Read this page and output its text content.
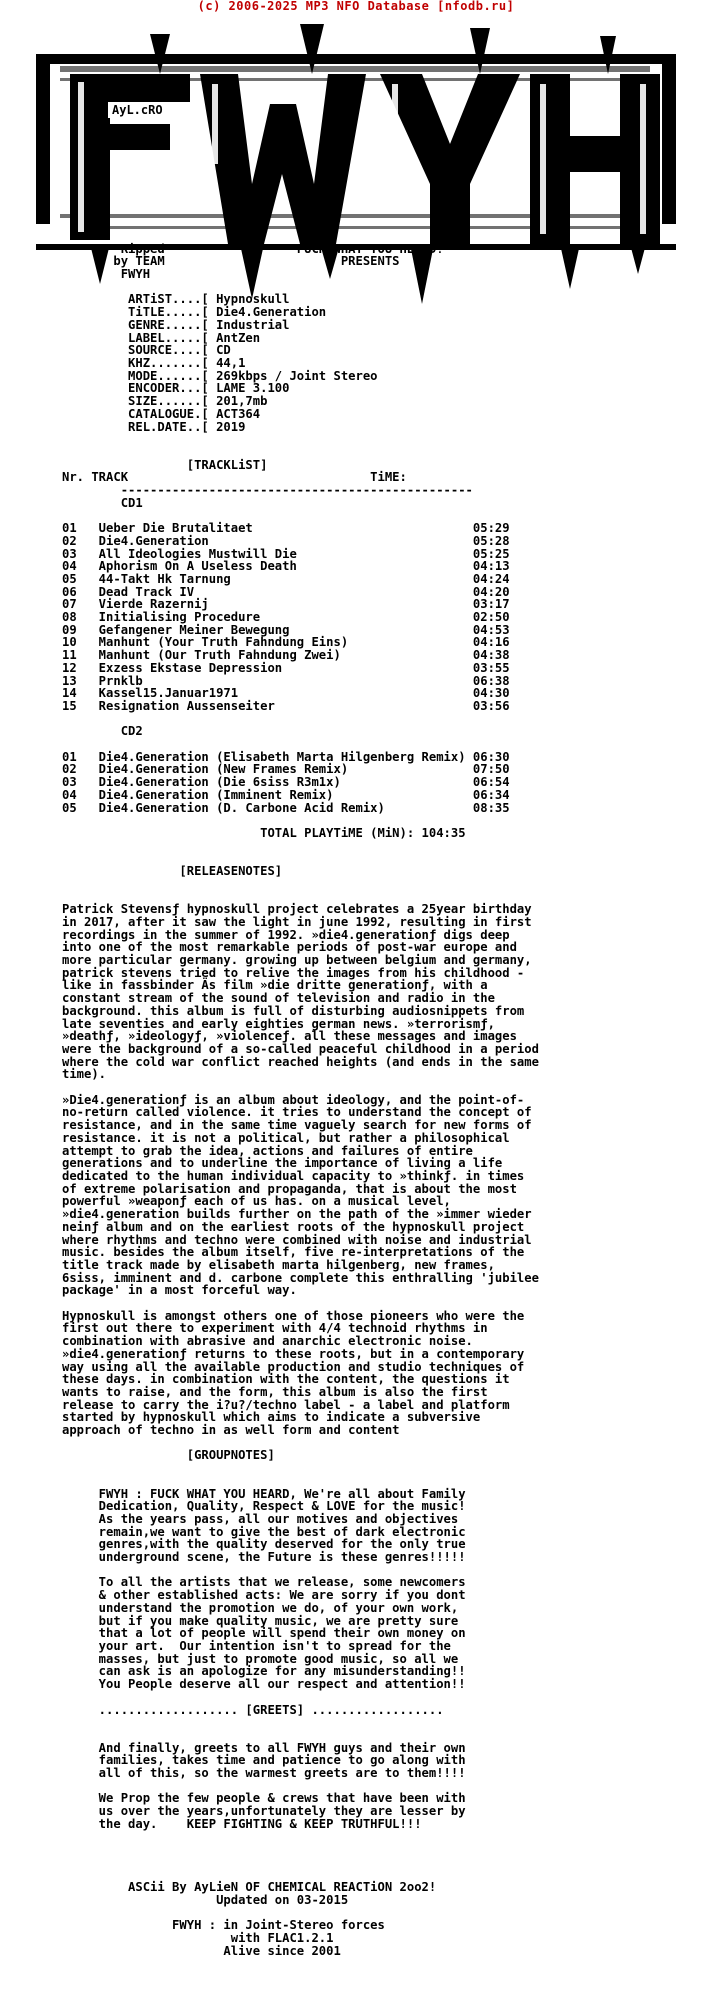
(c) 2006-2025 MP3 NFO Database [nfodb.ru]
AyL.cRO

Ripped                  FUCK WHAT YOU HEARD!
by TEAM                        PRESENTS
FWYH

ARTiST....[ Hypnoskull
TiTLE.....[ Die4.Generation
GENRE.....[ Industrial
LABEL.....[ AntZen
SOURCE....[ CD
KHZ.......[ 44,1
MODE......[ 269kbps / Joint Stereo
ENCODER...[ LAME 3.100
SIZE......[ 201,7mb
CATALOGUE.[ ACT364
REL.DATE..[ 2019

[TRACKLiST]
Nr. TRACK                                 TiME:
------------------------------------------------
CD1

01   Ueber Die Brutalitaet                              05:29
02   Die4.Generation                                    05:28
03   All Ideologies Mustwill Die                        05:25
04   Aphorism On A Useless Death                        04:13
05   44-Takt Hk Tarnung                                 04:24
06   Dead Track IV                                      04:20
07   Vierde Razernij                                    03:17
08   Initialising Procedure                             02:50
09   Gefangener Meiner Bewegung                         04:53
10   Manhunt (Your Truth Fahndung Eins)                 04:16
11   Manhunt (Our Truth Fahndung Zwei)                  04:38
12   Exzess Ekstase Depression                          03:55
13   Prnklb                                             06:38
14   Kassel15.Januar1971                                04:30
15   Resignation Aussenseiter                           03:56

CD2

01   Die4.Generation (Elisabeth Marta Hilgenberg Remix) 06:30
02   Die4.Generation (New Frames Remix)                 07:50
03   Die4.Generation (Die 6siss R3m1x)                  06:54
04   Die4.Generation (Imminent Remix)                   06:34
05   Die4.Generation (D. Carbone Acid Remix)            08:35

TOTAL PLAYTiME (MiN): 104:35

[RELEASENOTES]

Patrick Stevensƒ hypnoskull project celebrates a 25year birthday
in 2017, after it saw the light in june 1992, resulting in first
recordings in the summer of 1992. »die4.generationƒ digs deep
into one of the most remarkable periods of post-war europe and
more particular germany. growing up between belgium and germany,
patrick stevens tried to relive the images from his childhood -
like in fassbinder Äs film »die dritte generationƒ, with a
constant stream of the sound of television and radio in the
background. this album is full of disturbing audiosnippets from
late seventies and early eighties german news. »terrorismƒ,
»deathƒ, »ideologyƒ, »violenceƒ. all these messages and images
were the background of a so-called peaceful childhood in a period
where the cold war conflict reached heights (and ends in the same
time).

»Die4.generationƒ is an album about ideology, and the point-of-
no-return called violence. it tries to understand the concept of
resistance, and in the same time vaguely search for new forms of
resistance. it is not a political, but rather a philosophical
attempt to grab the idea, actions and failures of entire
generations and to underline the importance of living a life
dedicated to the human individual capacity to »thinkƒ. in times
of extreme polarisation and propaganda, that is about the most
powerful »weaponƒ each of us has. on a musical level,
»die4.generation builds further on the path of the »immer wieder
neinƒ album and on the earliest roots of the hypnoskull project
where rhythms and techno were combined with noise and industrial
music. besides the album itself, five re-interpretations of the
title track made by elisabeth marta hilgenberg, new frames,
6siss, imminent and d. carbone complete this enthralling 'jubilee
package' in a most forceful way.

Hypnoskull is amongst others one of those pioneers who were the
first out there to experiment with 4/4 technoid rhythms in
combination with abrasive and anarchic electronic noise.
»die4.generationƒ returns to these roots, but in a contemporary
way using all the available production and studio techniques of
these days. in combination with the content, the questions it
wants to raise, and the form, this album is also the first
release to carry the i?u?/techno label - a label and platform
started by hypnoskull which aims to indicate a subversive
approach of techno in as well form and content

[GROUPNOTES]

FWYH : FUCK WHAT YOU HEARD, We're all about Family
Dedication, Quality, Respect & LOVE for the music!
As the years pass, all our motives and objectives
remain,we want to give the best of dark electronic
genres,with the quality deserved for the only true
underground scene, the Future is these genres!!!!!

To all the artists that we release, some newcomers
& other established acts: We are sorry if you dont
understand the promotion we do, of your own work,
but if you make quality music, we are pretty sure
that a lot of people will spend their own money on
your art.  Our intention isn't to spread for the
masses, but just to promote good music, so all we
can ask is an apologize for any misunderstanding!!
You People deserve all our respect and attention!!

................... [GREETS] ..................

And finally, greets to all FWYH guys and their own
families, takes time and patience to go along with
all of this, so the warmest greets are to them!!!!

We Prop the few people & crews that have been with
us over the years,unfortunately they are lesser by
the day.    KEEP FIGHTING & KEEP TRUTHFUL!!!

ASCii By AyLieN OF CHEMICAL REACTiON 2oo2!
Updated on 03-2015

FWYH : in Joint-Stereo forces
with FLAC1.2.1
Alive since 2001
